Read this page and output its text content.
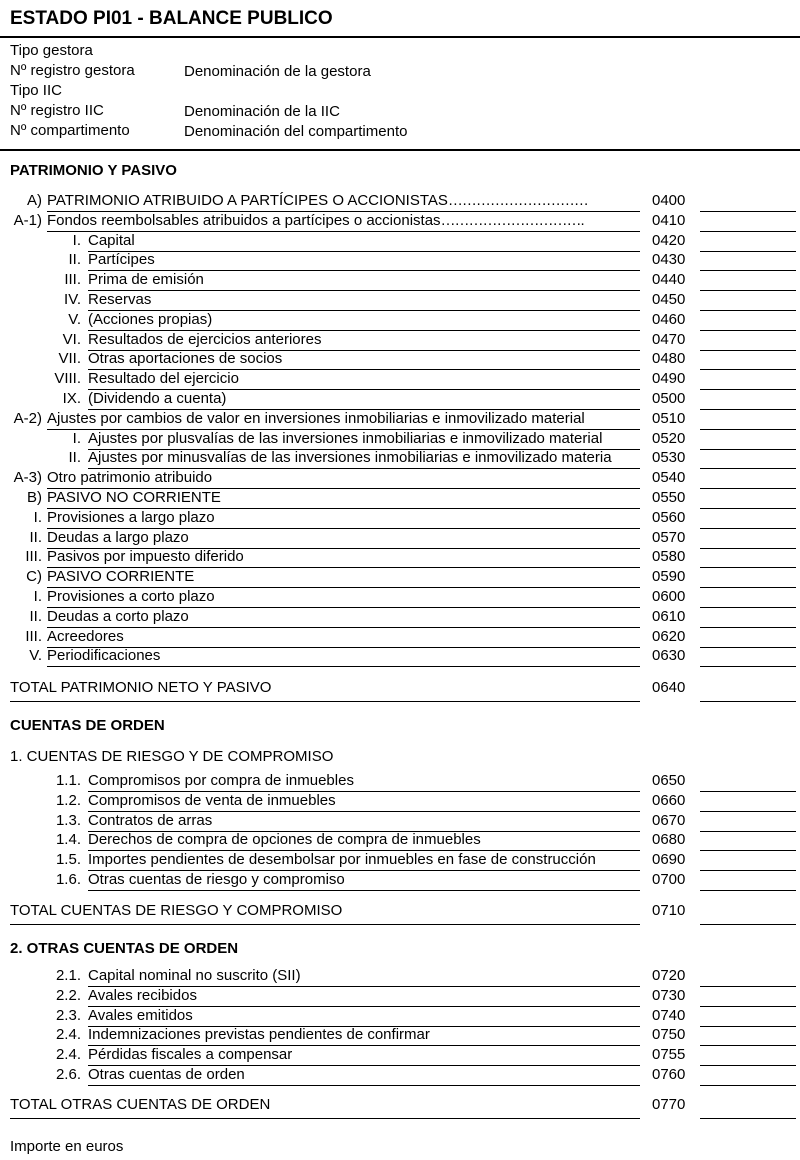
ESTADO PI01 - BALANCE PUBLICO
Tipo gestora
Nº registro gestora	Denominación de la gestora
Tipo IIC
Nº registro IIC	Denominación de la IIC
Nº compartimento	Denominación del compartimento
PATRIMONIO Y PASIVO
A) PATRIMONIO ATRIBUIDO A PARTÍCIPES O ACCIONISTAS…………………………	0400
A-1) Fondos reembolsables atribuidos a partícipes o accionistas………………………….	0410
I. Capital	0420
II. Partícipes	0430
III. Prima de emisión	0440
IV. Reservas	0450
V. (Acciones propias)	0460
VI. Resultados de ejercicios anteriores	0470
VII. Otras aportaciones de socios	0480
VIII. Resultado del ejercicio	0490
IX. (Dividendo a cuenta)	0500
A-2) Ajustes por cambios de valor en inversiones inmobiliarias e inmovilizado material	0510
I. Ajustes por plusvalías de las inversiones inmobiliarias e inmovilizado material	0520
II. Ajustes por minusvalías de las inversiones inmobiliarias e inmovilizado materia	0530
A-3) Otro patrimonio atribuido	0540
B) PASIVO NO CORRIENTE	0550
I. Provisiones a largo plazo	0560
II. Deudas a largo plazo	0570
III. Pasivos por impuesto diferido	0580
C) PASIVO CORRIENTE	0590
I. Provisiones a corto plazo	0600
II. Deudas a corto plazo	0610
III. Acreedores	0620
V. Periodificaciones	0630
TOTAL PATRIMONIO NETO Y PASIVO	0640
CUENTAS DE ORDEN
1. CUENTAS DE RIESGO Y DE COMPROMISO
1.1. Compromisos por compra de inmuebles	0650
1.2. Compromisos de venta de inmuebles	0660
1.3. Contratos de arras	0670
1.4. Derechos de compra de opciones de compra de inmuebles	0680
1.5. Importes pendientes de desembolsar por inmuebles en fase de construcción	0690
1.6. Otras cuentas de riesgo y compromiso	0700
TOTAL CUENTAS DE RIESGO Y COMPROMISO	0710
2. OTRAS CUENTAS DE ORDEN
2.1. Capital nominal no suscrito (SII)	0720
2.2. Avales recibidos	0730
2.3. Avales emitidos	0740
2.4. Indemnizaciones previstas pendientes de confirmar	0750
2.4. Pérdidas fiscales a compensar	0755
2.6. Otras cuentas de orden	0760
TOTAL OTRAS CUENTAS DE ORDEN	0770
Importe en euros
